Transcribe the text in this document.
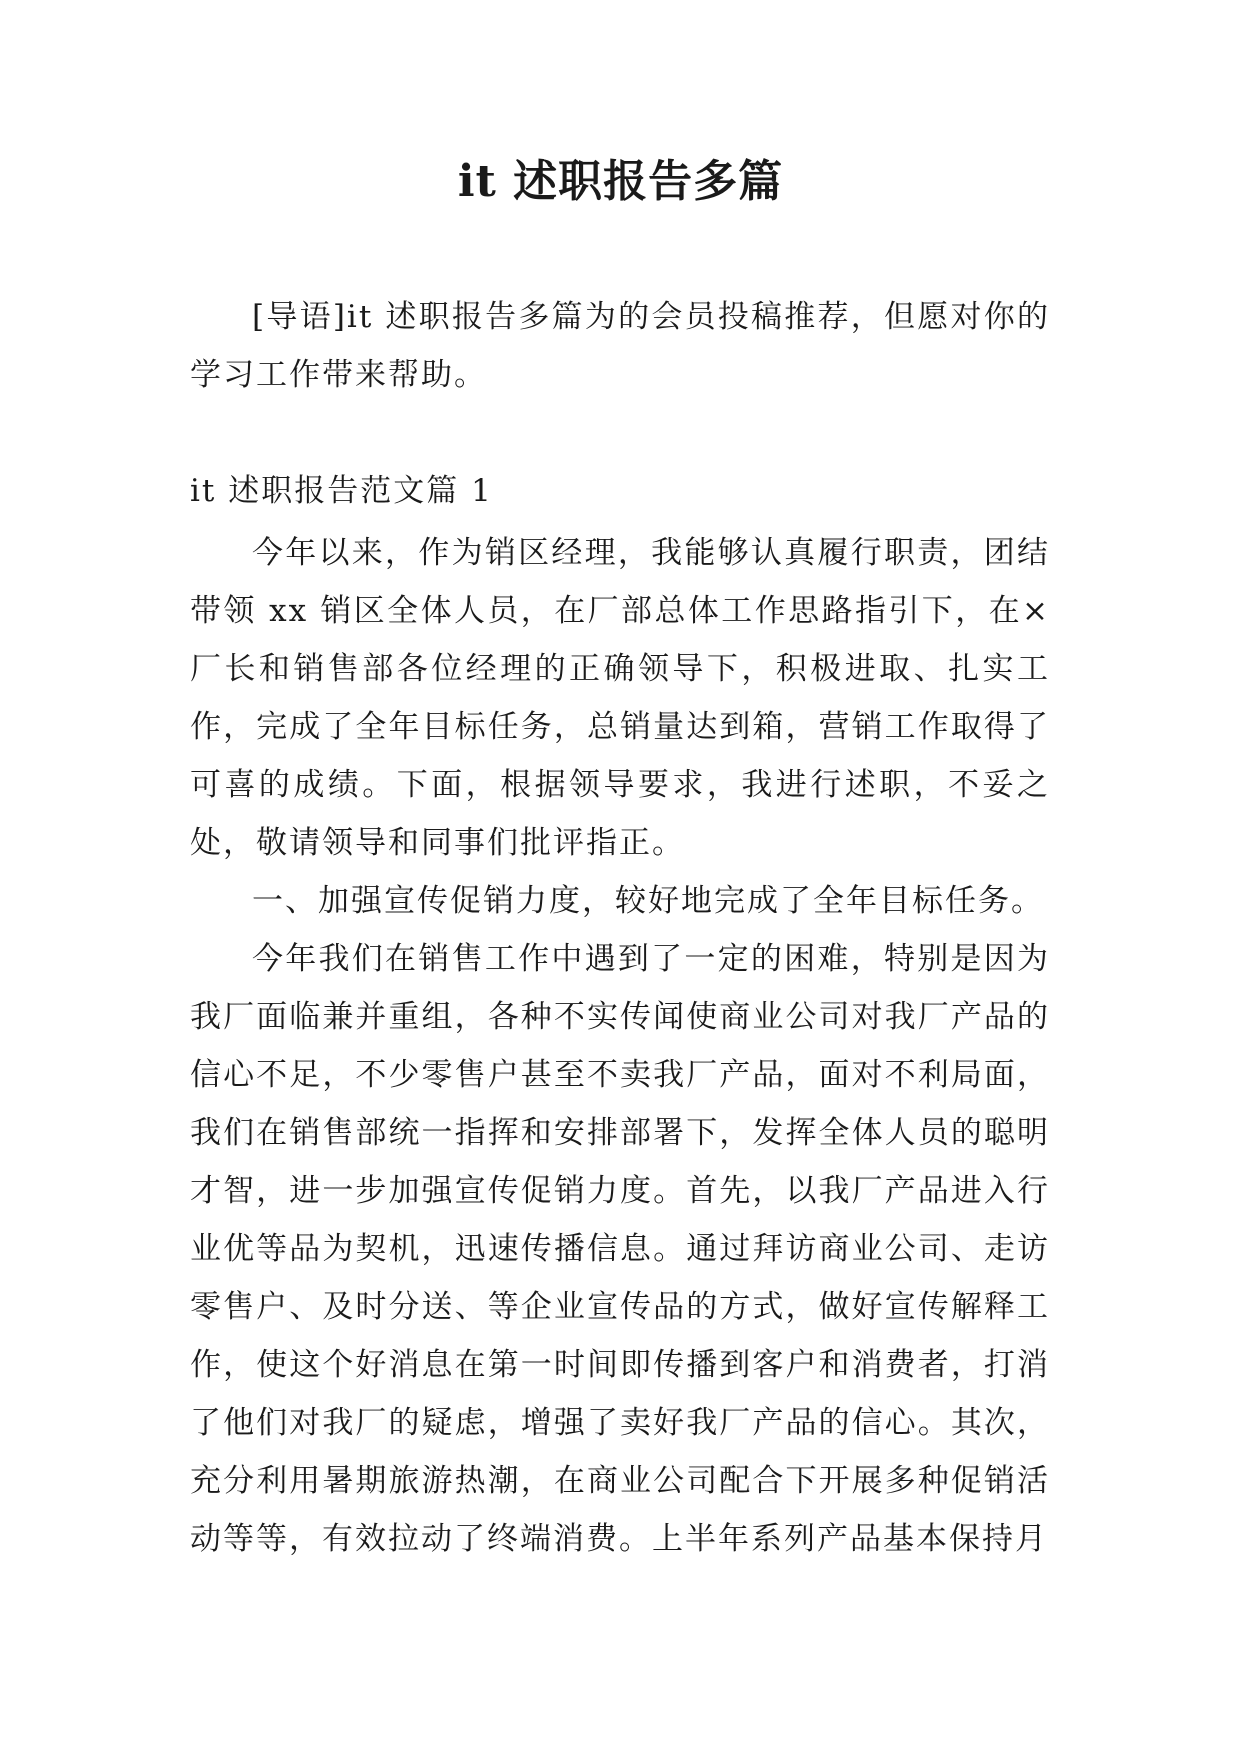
it 述职报告多篇

[导语]it 述职报告多篇为的会员投稿推荐，但愿对你的学习工作带来帮助。

it 述职报告范文篇 1

今年以来，作为销区经理，我能够认真履行职责，团结带领 xx 销区全体人员，在厂部总体工作思路指引下，在×厂长和销售部各位经理的正确领导下，积极进取、扎实工作，完成了全年目标任务，总销量达到箱，营销工作取得了可喜的成绩。下面，根据领导要求，我进行述职，不妥之处，敬请领导和同事们批评指正。

一、加强宣传促销力度，较好地完成了全年目标任务。

今年我们在销售工作中遇到了一定的困难，特别是因为我厂面临兼并重组，各种不实传闻使商业公司对我厂产品的信心不足，不少零售户甚至不卖我厂产品，面对不利局面，我们在销售部统一指挥和安排部署下，发挥全体人员的聪明才智，进一步加强宣传促销力度。首先，以我厂产品进入行业优等品为契机，迅速传播信息。通过拜访商业公司、走访零售户、及时分送、等企业宣传品的方式，做好宣传解释工作，使这个好消息在第一时间即传播到客户和消费者，打消了他们对我厂的疑虑，增强了卖好我厂产品的信心。其次，充分利用暑期旅游热潮，在商业公司配合下开展多种促销活动等等，有效拉动了终端消费。上半年系列产品基本保持月
